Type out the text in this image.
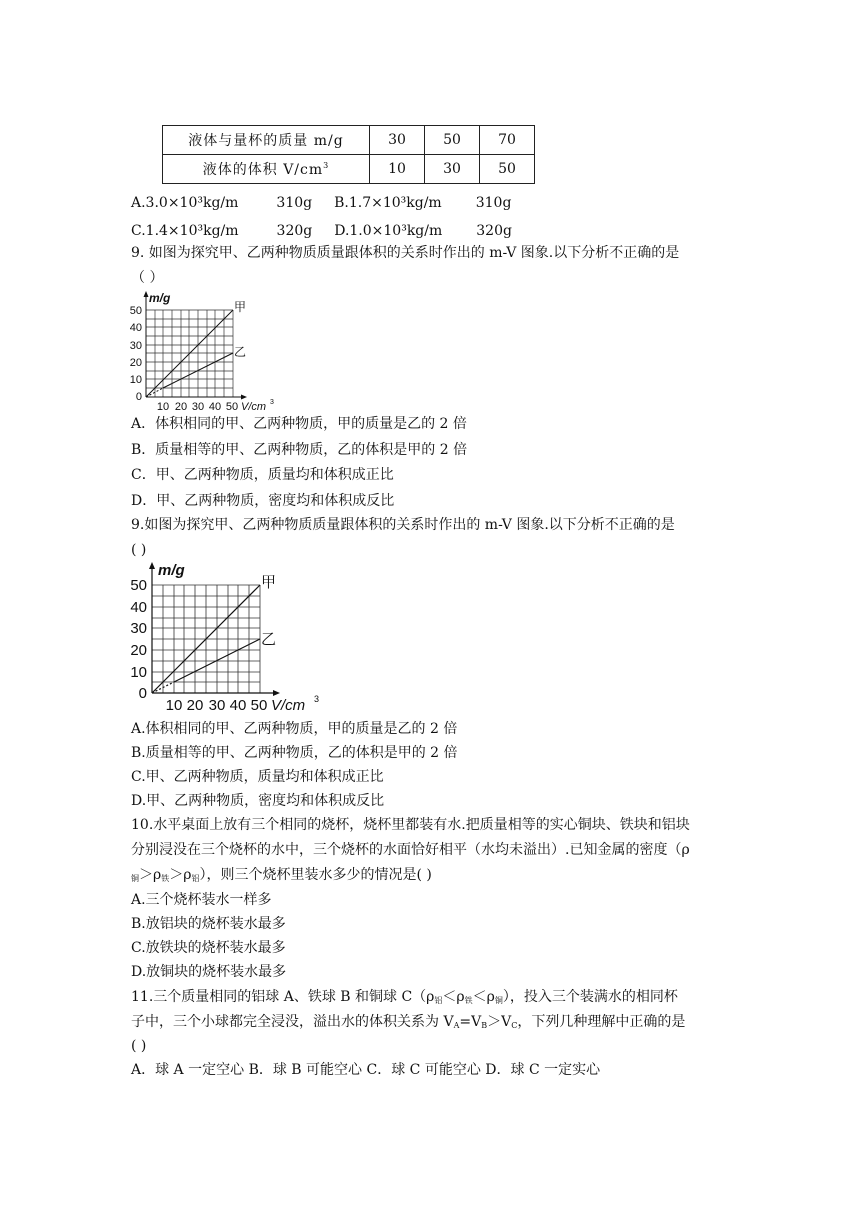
液体与量杯的质量 m/g	30	50	70
液体的体积 $V/cm^3$	10	30	50
A.3.0×10³kg/m	310g B.1.7×10³kg/m 310g
C.1.4×10³kg/m	320g D.1.0×10³kg/m 320g
9. 如图为探究甲、乙两种物质质量跟体积的关系时作出的 m-V 图象.以下分析不正确的是
（ ）
m/g
50
40
30
20
10
0
10 20 30 40 50 V/cm 3
甲
乙
A．体积相同的甲、乙两种物质，甲的质量是乙的 2 倍
B．质量相等的甲、乙两种物质，乙的体积是甲的 2 倍
C．甲、乙两种物质，质量均和体积成正比
D．甲、乙两种物质，密度均和体积成反比
9.如图为探究甲、乙两种物质质量跟体积的关系时作出的 m-V 图象.以下分析不正确的是
( )
m/g
50
40
30
20
10
0
10 20 30 40 50 V/cm 3
甲
乙
A.体积相同的甲、乙两种物质，甲的质量是乙的 2 倍
B.质量相等的甲、乙两种物质，乙的体积是甲的 2 倍
C.甲、乙两种物质，质量均和体积成正比
D.甲、乙两种物质，密度均和体积成反比
10.水平桌面上放有三个相同的烧杯，烧杯里都装有水.把质量相等的实心铜块、铁块和铝块
分别浸没在三个烧杯的水中，三个烧杯的水面恰好相平（水均未溢出）.已知金属的密度（ρ
$_铜>\rho_铁>\rho_铝$），则三个烧杯里装水多少的情况是( )
A.三个烧杯装水一样多
B.放铝块的烧杯装水最多
C.放铁块的烧杯装水最多
D.放铜块的烧杯装水最多
11.三个质量相同的铝球 A、铁球 B 和铜球 $C(\rho_铝<\rho_铁<\rho_铜)$，投入三个装满水的相同杯
子中，三个小球都完全浸没，溢出水的体积关系为 $V_A=V_B>V_C$，下列几种理解中正确的是
( )
A．球 A 一定空心 B．球 B 可能空心 C．球 C 可能空心 D．球 C 一定实心
